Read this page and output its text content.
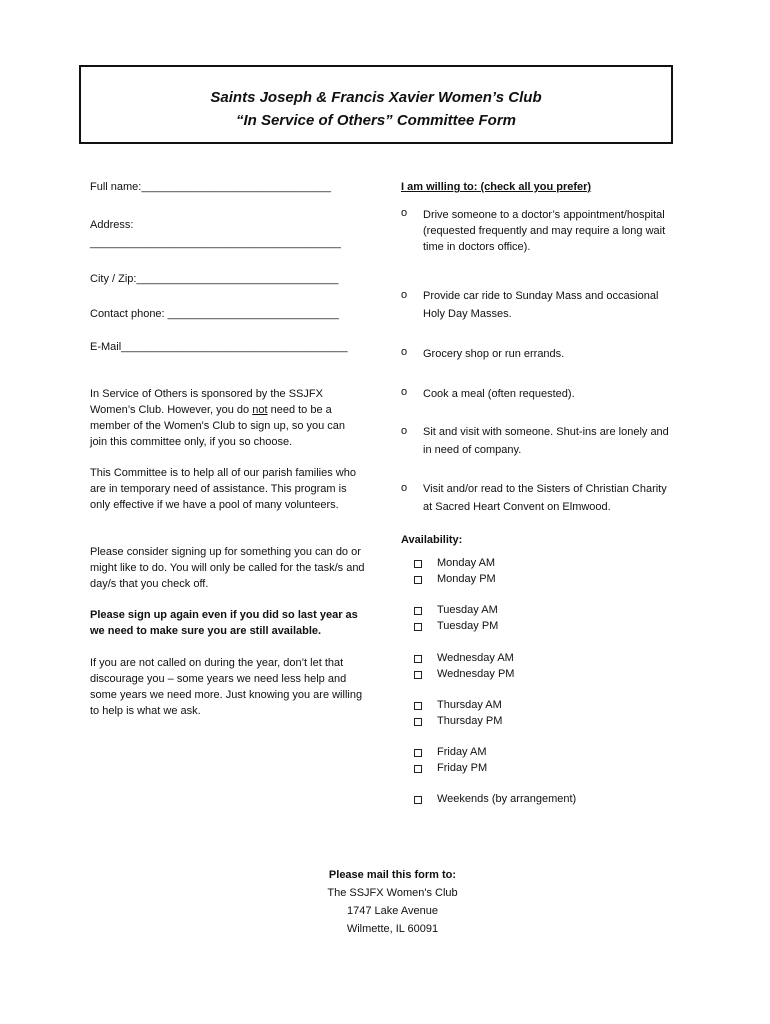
Saints Joseph & Francis Xavier Women’s Club
“In Service of Others” Committee Form
Full name:_______________________________
Address:
_________________________________________
City / Zip:_________________________________
Contact phone: ____________________________
E-Mail_____________________________________
In Service of Others is sponsored by the SSJFX Women’s Club. However, you do not need to be a member of the Women's Club to sign up, so you can join this committee only, if you so choose.
This Committee is to help all of our parish families who are in temporary need of assistance. This program is only effective if we have a pool of many volunteers.
Please consider signing up for something you can do or might like to do. You will only be called for the task/s and day/s that you check off.
Please sign up again even if you did so last year as we need to make sure you are still available.
If you are not called on during the year, don’t let that discourage you – some years we need less help and some years we need more. Just knowing you are willing to help is what we ask.
I am willing to: (check all you prefer)
o Drive someone to a doctor’s appointment/hospital (requested frequently and may require a long wait time in doctors office).
o Provide car ride to Sunday Mass and occasional Holy Day Masses.
o Grocery shop or run errands.
o Cook a meal (often requested).
o Sit and visit with someone. Shut-ins are lonely and in need of company.
o Visit and/or read to the Sisters of Christian Charity at Sacred Heart Convent on Elmwood.
Availability:
Monday AM
Monday PM
Tuesday AM
Tuesday PM
Wednesday AM
Wednesday PM
Thursday AM
Thursday PM
Friday AM
Friday PM
Weekends (by arrangement)
Please mail this form to:
The SSJFX Women's Club
1747 Lake Avenue
Wilmette, IL 60091
